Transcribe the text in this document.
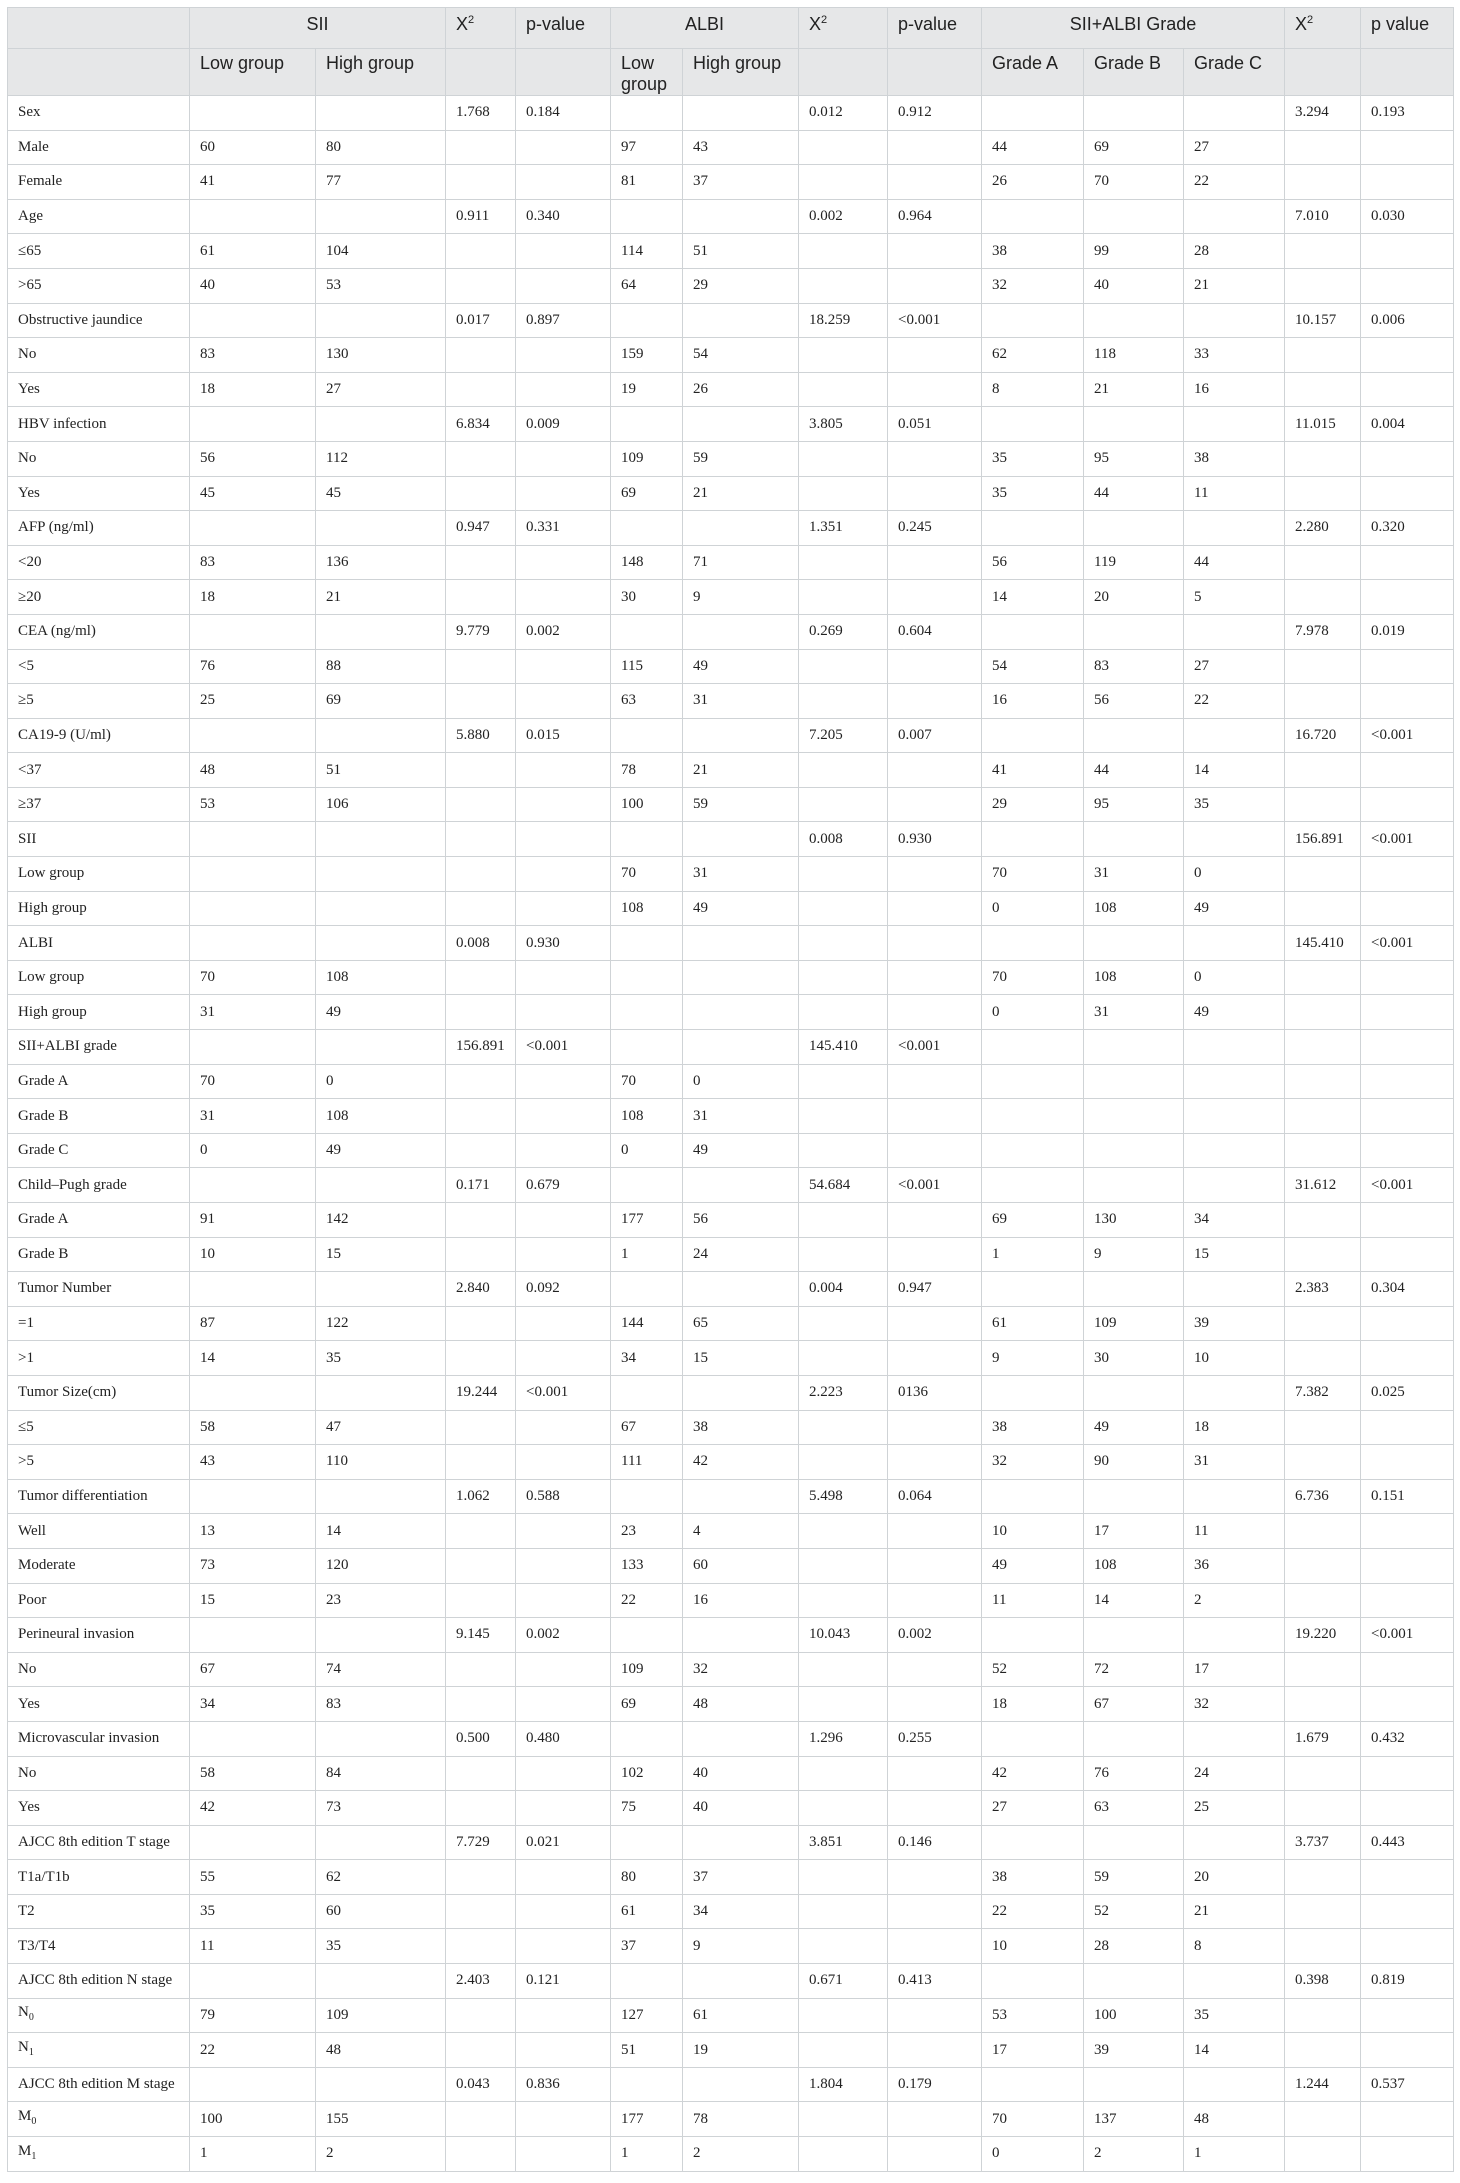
	SII		$X^2$	p-value	ALBI		$X^2$	p-value	SII+ALBI Grade			$X^2$	p value
	Low group	High group			Low group	High group			Grade A	Grade B	Grade C		
Sex			1.768	0.184			0.012	0.912				3.294	0.193
Male	60	80			97	43			44	69	27		
Female	41	77			81	37			26	70	22		
Age			0.911	0.340			0.002	0.964				7.010	0.030
≤65	61	104			114	51			38	99	28		
>65	40	53			64	29			32	40	21		
Obstructive jaundice			0.017	0.897			18.259	<0.001				10.157	0.006
No	83	130			159	54			62	118	33		
Yes	18	27			19	26			8	21	16		
HBV infection			6.834	0.009			3.805	0.051				11.015	0.004
No	56	112			109	59			35	95	38		
Yes	45	45			69	21			35	44	11		
AFP (ng/ml)			0.947	0.331			1.351	0.245				2.280	0.320
<20	83	136			148	71			56	119	44		
≥20	18	21			30	9			14	20	5		
CEA (ng/ml)			9.779	0.002			0.269	0.604				7.978	0.019
<5	76	88			115	49			54	83	27		
≥5	25	69			63	31			16	56	22		
CA19-9 (U/ml)			5.880	0.015			7.205	0.007				16.720	<0.001
<37	48	51			78	21			41	44	14		
≥37	53	106			100	59			29	95	35		
SII							0.008	0.930				156.891	<0.001
Low group					70	31			70	31	0		
High group					108	49			0	108	49		
ALBI			0.008	0.930								145.410	<0.001
Low group	70	108							70	108	0		
High group	31	49							0	31	49		
SII+ALBI grade			156.891	<0.001			145.410	<0.001					
Grade A	70	0			70	0							
Grade B	31	108			108	31							
Grade C	0	49			0	49							
Child–Pugh grade			0.171	0.679			54.684	<0.001				31.612	<0.001
Grade A	91	142			177	56			69	130	34		
Grade B	10	15			1	24			1	9	15		
Tumor Number			2.840	0.092			0.004	0.947				2.383	0.304
=1	87	122			144	65			61	109	39		
>1	14	35			34	15			9	30	10		
Tumor Size(cm)			19.244	<0.001			2.223	0136				7.382	0.025
≤5	58	47			67	38			38	49	18		
>5	43	110			111	42			32	90	31		
Tumor differentiation			1.062	0.588			5.498	0.064				6.736	0.151
Well	13	14			23	4			10	17	11		
Moderate	73	120			133	60			49	108	36		
Poor	15	23			22	16			11	14	2		
Perineural invasion			9.145	0.002			10.043	0.002				19.220	<0.001
No	67	74			109	32			52	72	17		
Yes	34	83			69	48			18	67	32		
Microvascular invasion			0.500	0.480			1.296	0.255				1.679	0.432
No	58	84			102	40			42	76	24		
Yes	42	73			75	40			27	63	25		
AJCC 8th edition T stage			7.729	0.021			3.851	0.146				3.737	0.443
T1a/T1b	55	62			80	37			38	59	20		
T2	35	60			61	34			22	52	21		
T3/T4	11	35			37	9			10	28	8		
AJCC 8th edition N stage			2.403	0.121			0.671	0.413				0.398	0.819
$N_0$	79	109			127	61			53	100	35		
$N_1$	22	48			51	19			17	39	14		
AJCC 8th edition M stage			0.043	0.836			1.804	0.179				1.244	0.537
$M_0$	100	155			177	78			70	137	48		
$M_1$	1	2			1	2			0	2	1		
